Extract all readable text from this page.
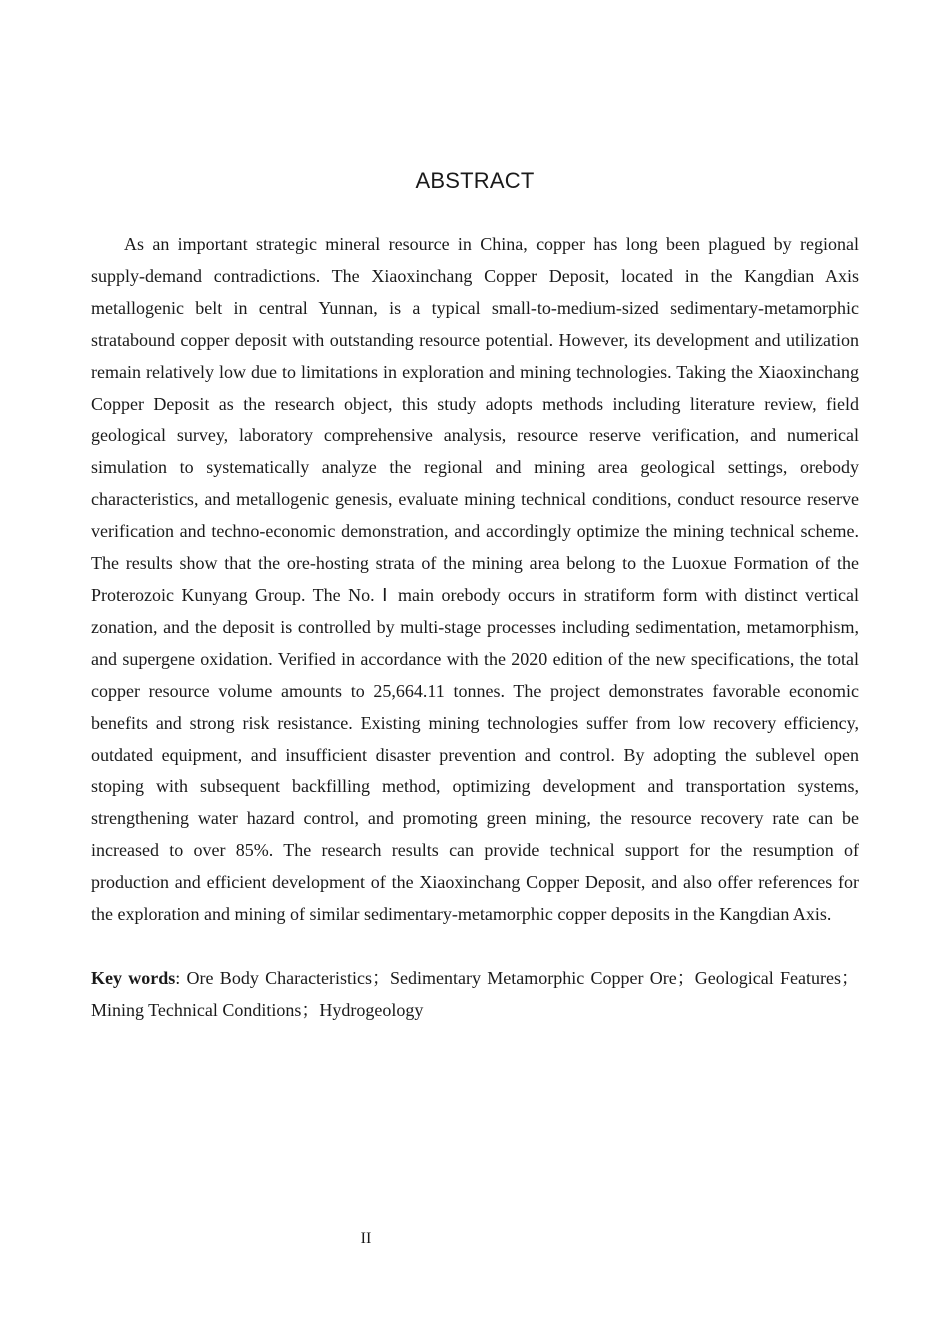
ABSTRACT

As an important strategic mineral resource in China, copper has long been plagued by regional supply-demand contradictions. The Xiaoxinchang Copper Deposit, located in the Kangdian Axis metallogenic belt in central Yunnan, is a typical small-to-medium-sized sedimentary-metamorphic stratabound copper deposit with outstanding resource potential. However, its development and utilization remain relatively low due to limitations in exploration and mining technologies. Taking the Xiaoxinchang Copper Deposit as the research object, this study adopts methods including literature review, field geological survey, laboratory comprehensive analysis, resource reserve verification, and numerical simulation to systematically analyze the regional and mining area geological settings, orebody characteristics, and metallogenic genesis, evaluate mining technical conditions, conduct resource reserve verification and techno-economic demonstration, and accordingly optimize the mining technical scheme. The results show that the ore-hosting strata of the mining area belong to the Luoxue Formation of the Proterozoic Kunyang Group. The No. Ⅰ main orebody occurs in stratiform form with distinct vertical zonation, and the deposit is controlled by multi-stage processes including sedimentation, metamorphism, and supergene oxidation. Verified in accordance with the 2020 edition of the new specifications, the total copper resource volume amounts to 25,664.11 tonnes. The project demonstrates favorable economic benefits and strong risk resistance. Existing mining technologies suffer from low recovery efficiency, outdated equipment, and insufficient disaster prevention and control. By adopting the sublevel open stoping with subsequent backfilling method, optimizing development and transportation systems, strengthening water hazard control, and promoting green mining, the resource recovery rate can be increased to over 85%. The research results can provide technical support for the resumption of production and efficient development of the Xiaoxinchang Copper Deposit, and also offer references for the exploration and mining of similar sedimentary-metamorphic copper deposits in the Kangdian Axis.

Key words: Ore Body Characteristics；Sedimentary Metamorphic Copper Ore；Geological Features；Mining Technical Conditions；Hydrogeology

II
